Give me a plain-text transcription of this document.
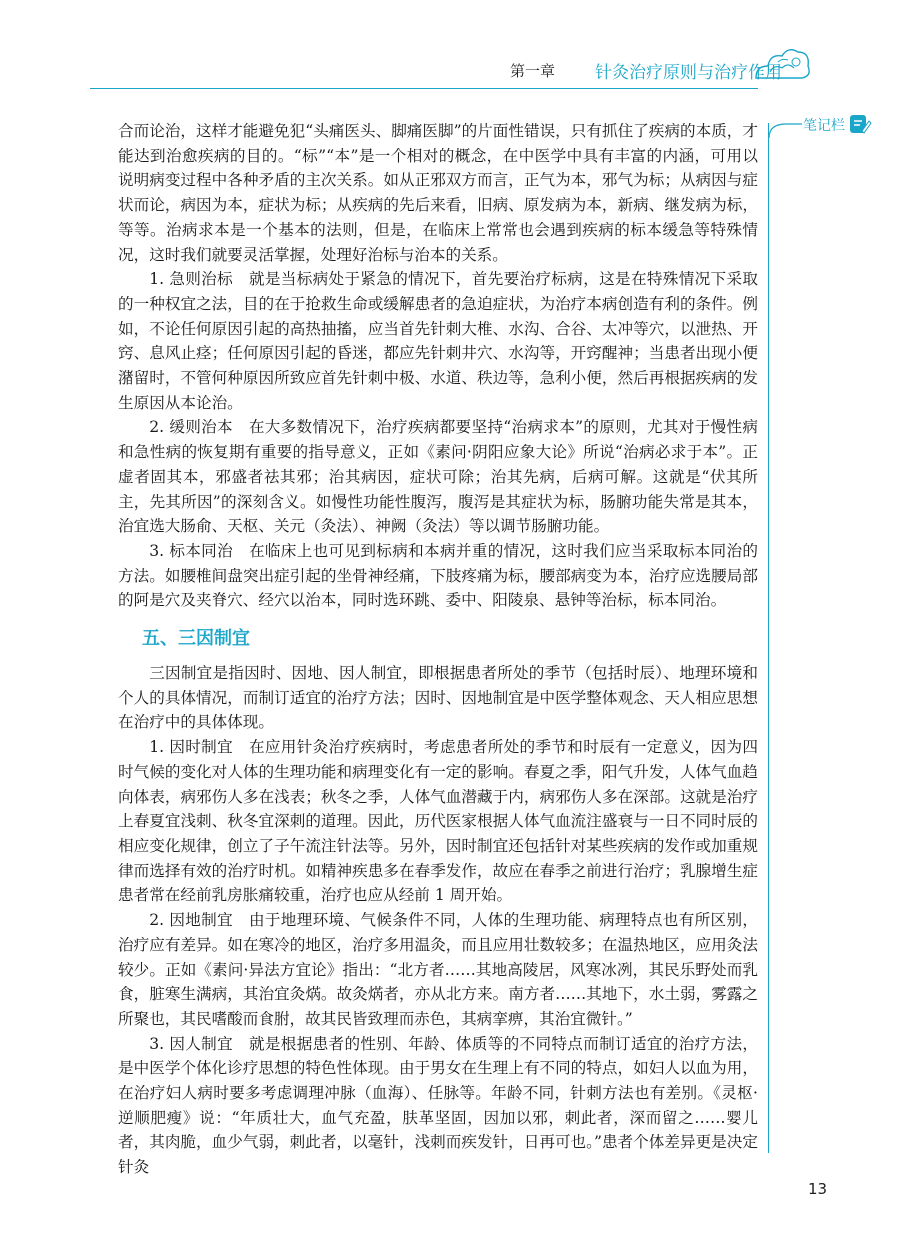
第一章 针灸治疗原则与治疗作用
笔记栏

合而论治，这样才能避免犯“头痛医头、脚痛医脚”的片面性错误，只有抓住了疾病的本质，才能达到治愈疾病的目的。“标”“本”是一个相对的概念，在中医学中具有丰富的内涵，可用以说明病变过程中各种矛盾的主次关系。如从正邪双方而言，正气为本，邪气为标；从病因与症状而论，病因为本，症状为标；从疾病的先后来看，旧病、原发病为本，新病、继发病为标，等等。治病求本是一个基本的法则，但是，在临床上常常也会遇到疾病的标本缓急等特殊情况，这时我们就要灵活掌握，处理好治标与治本的关系。

1. 急则治标　 就是当标病处于紧急的情况下，首先要治疗标病，这是在特殊情况下采取的一种权宜之法，目的在于抢救生命或缓解患者的急迫症状，为治疗本病创造有利的条件。例如，不论任何原因引起的高热抽搐，应当首先针刺大椎、水沟、合谷、太冲等穴，以泄热、开窍、息风止痉；任何原因引起的昏迷，都应先针刺井穴、水沟等，开窍醒神；当患者出现小便潴留时，不管何种原因所致应首先针刺中极、水道、秩边等，急利小便，然后再根据疾病的发生原因从本论治。

2. 缓则治本　 在大多数情况下，治疗疾病都要坚持“治病求本”的原则，尤其对于慢性病和急性病的恢复期有重要的指导意义，正如《素问·阴阳应象大论》所说“治病必求于本”。正虚者固其本，邪盛者祛其邪；治其病因，症状可除；治其先病，后病可解。这就是“伏其所主，先其所因”的深刻含义。如慢性功能性腹泻，腹泻是其症状为标，肠腑功能失常是其本，治宜选大肠俞、天枢、关元（灸法）、神阙（灸法）等以调节肠腑功能。

3. 标本同治　 在临床上也可见到标病和本病并重的情况，这时我们应当采取标本同治的方法。如腰椎间盘突出症引起的坐骨神经痛，下肢疼痛为标，腰部病变为本，治疗应选腰局部的阿是穴及夹脊穴、经穴以治本，同时选环跳、委中、阳陵泉、悬钟等治标，标本同治。

五、三因制宜

三因制宜是指因时、因地、因人制宜，即根据患者所处的季节（包括时辰）、地理环境和个人的具体情况，而制订适宜的治疗方法；因时、因地制宜是中医学整体观念、天人相应思想在治疗中的具体体现。

1. 因时制宜　 在应用针灸治疗疾病时，考虑患者所处的季节和时辰有一定意义，因为四时气候的变化对人体的生理功能和病理变化有一定的影响。春夏之季，阳气升发，人体气血趋向体表，病邪伤人多在浅表；秋冬之季，人体气血潜藏于内，病邪伤人多在深部。这就是治疗上春夏宜浅刺、秋冬宜深刺的道理。因此，历代医家根据人体气血流注盛衰与一日不同时辰的相应变化规律，创立了子午流注针法等。另外，因时制宜还包括针对某些疾病的发作或加重规律而选择有效的治疗时机。如精神疾患多在春季发作，故应在春季之前进行治疗；乳腺增生症患者常在经前乳房胀痛较重，治疗也应从经前 1 周开始。

2. 因地制宜　 由于地理环境、气候条件不同，人体的生理功能、病理特点也有所区别，治疗应有差异。如在寒冷的地区，治疗多用温灸，而且应用壮数较多；在温热地区，应用灸法较少。正如《素问·异法方宜论》指出：“北方者……其地高陵居，风寒冰冽，其民乐野处而乳食，脏寒生满病，其治宜灸焫。故灸焫者，亦从北方来。南方者……其地下，水土弱，雾露之所聚也，其民嗜酸而食胕，故其民皆致理而赤色，其病挛痹，其治宜微针。”

3. 因人制宜　 就是根据患者的性别、年龄、体质等的不同特点而制订适宜的治疗方法，是中医学个体化诊疗思想的特色性体现。由于男女在生理上有不同的特点，如妇人以血为用，在治疗妇人病时要多考虑调理冲脉（血海）、任脉等。年龄不同，针刺方法也有差别。《灵枢·逆顺肥瘦》说：“年质壮大，血气充盈，肤革坚固，因加以邪，刺此者，深而留之……婴儿者，其肉脆，血少气弱，刺此者，以毫针，浅刺而疾发针，日再可也。”患者个体差异更是决定针灸

13
